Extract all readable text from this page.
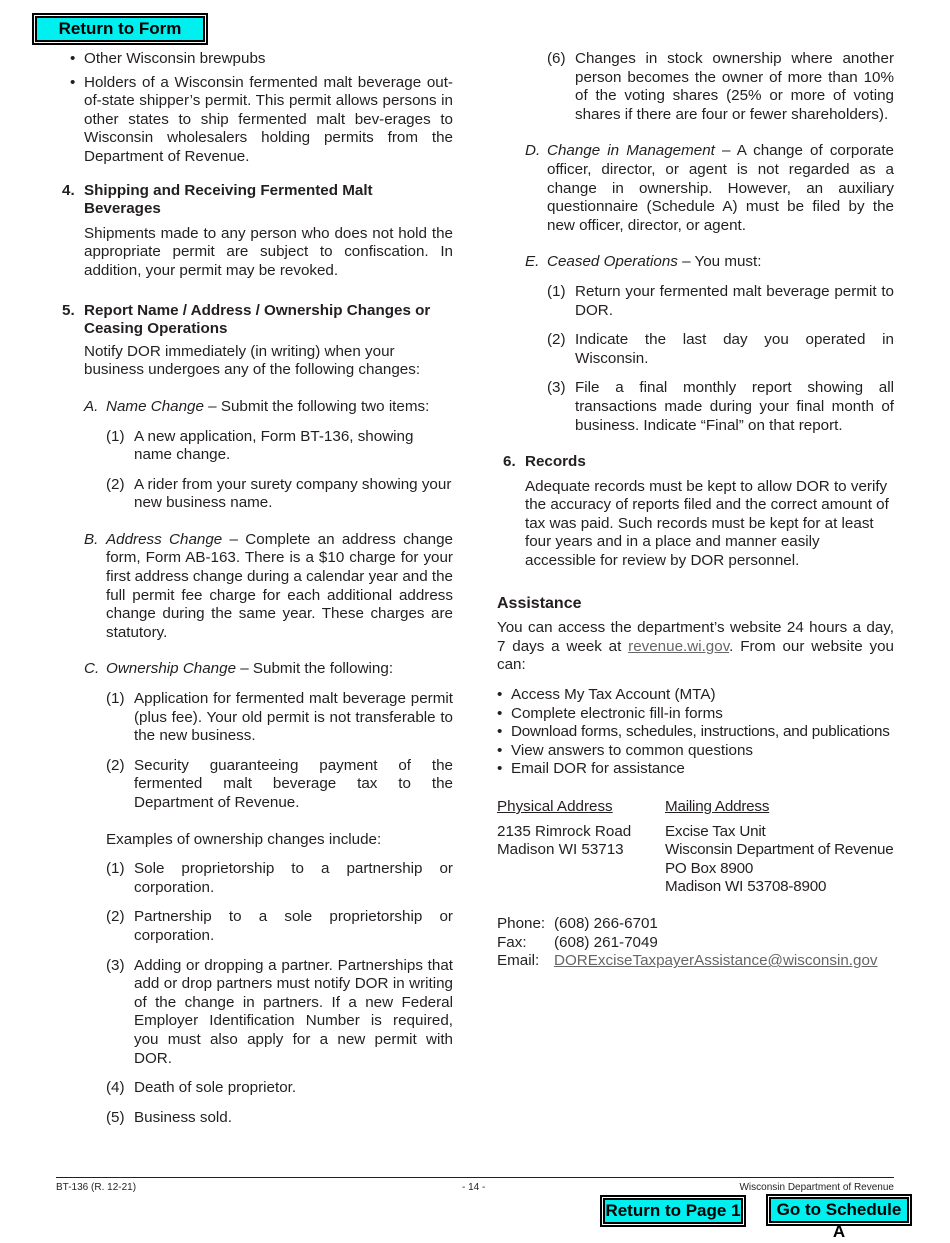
Return to Form
• Other Wisconsin brewpubs
• Holders of a Wisconsin fermented malt beverage out-of-state shipper’s permit. This permit allows persons in other states to ship fermented malt bev-erages to Wisconsin wholesalers holding permits from the Department of Revenue.
4. Shipping and Receiving Fermented Malt Beverages

Shipments made to any person who does not hold the appropriate permit are subject to confiscation. In addition, your permit may be revoked.

5. Report Name / Address / Ownership Changes or Ceasing Operations

Notify DOR immediately (in writing) when your business undergoes any of the following changes:

A. Name Change – Submit the following two items:
(1) A new application, Form BT-136, showing name change.

(2) A rider from your surety company showing your new business name.

B. Address Change – Complete an address change form, Form AB-163. There is a $10 charge for your first address change during a calendar year and the full permit fee charge for each additional address change during the same year. These charges are statutory.
C. Ownership Change – Submit the following:
(1) Application for fermented malt beverage permit (plus fee). Your old permit is not transferable to the new business.

(2) Security guaranteeing payment of the fermented malt beverage tax to the Department of Revenue.

Examples of ownership changes include:

(1) Sole proprietorship to a partnership or corporation.

(2) Partnership to a sole proprietorship or corporation.

(3) Adding or dropping a partner. Partnerships that add or drop partners must notify DOR in writing of the change in partners. If a new Federal Employer Identification Number is required, you must also apply for a new permit with DOR.

(4) Death of sole proprietor.

(5) Business sold.

(6) Changes in stock ownership where another person becomes the owner of more than 10% of the voting shares (25% or more of voting shares if there are four or fewer shareholders).

D. Change in Management – A change of corporate officer, director, or agent is not regarded as a change in ownership. However, an auxiliary questionnaire (Schedule A) must be filed by the new officer, director, or agent.
E. Ceased Operations – You must:
(1) Return your fermented malt beverage permit to DOR.

(2) Indicate the last day you operated in Wisconsin.

(3) File a final monthly report showing all transactions made during your final month of business. Indicate “Final” on that report.

6. Records

Adequate records must be kept to allow DOR to verify the accuracy of reports filed and the correct amount of tax was paid. Such records must be kept for at least four years and in a place and manner easily accessible for review by DOR personnel.

Assistance

You can access the department’s website 24 hours a day, 7 days a week at revenue.wi.gov. From our website you can:

• Access My Tax Account (MTA)
• Complete electronic fill-in forms
• Download forms, schedules, instructions, and publications
• View answers to common questions
• Email DOR for assistance
Physical Address
2135 Rimrock Road
Madison WI 53713
Mailing Address
Excise Tax Unit
Wisconsin Department of Revenue
PO Box 8900
Madison WI 53708-8900
Phone: (608) 266-6701
Fax: (608) 261-7049
Email: DORExciseTaxpayerAssistance@wisconsin.gov
BT-136 (R. 12-21)	- 14 -	Wisconsin Department of Revenue
Return to Page 1	Go to Schedule A
